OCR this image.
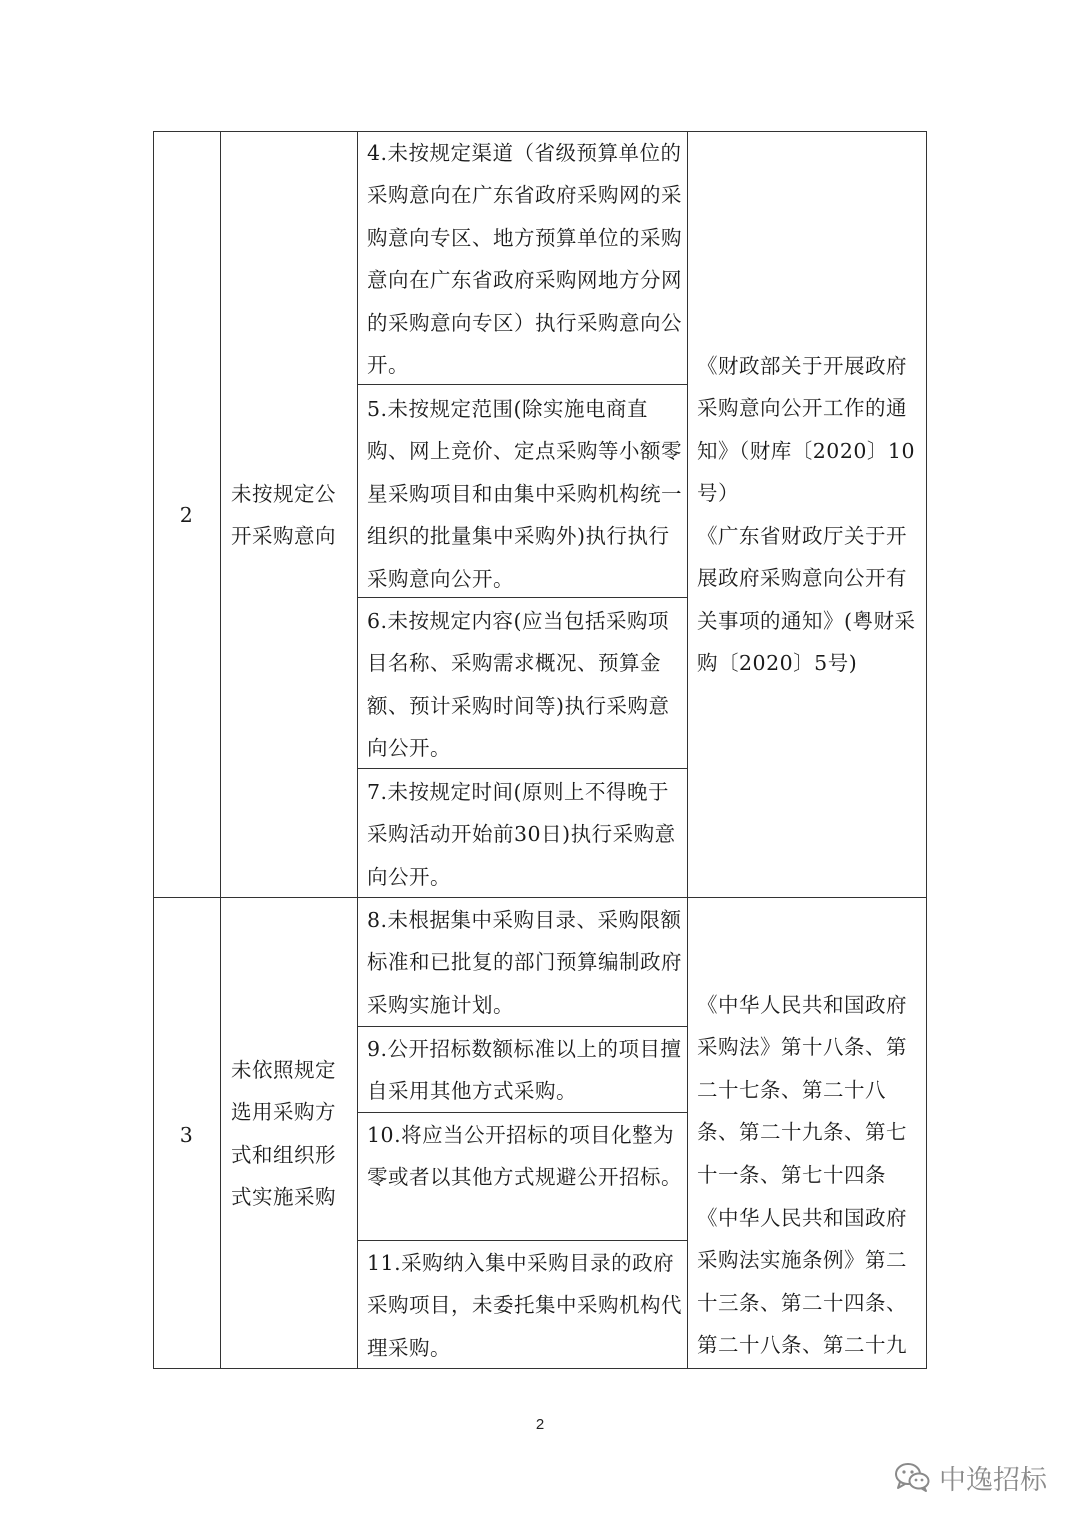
2
未按规定公开采购意向
4.未按规定渠道（省级预算单位的采购意向在广东省政府采购网的采购意向专区、地方预算单位的采购意向在广东省政府采购网地方分网的采购意向专区）执行采购意向公开。
5.未按规定范围(除实施电商直购、网上竞价、定点采购等小额零星采购项目和由集中采购机构统一组织的批量集中采购外)执行执行采购意向公开。
6.未按规定内容(应当包括采购项目名称、采购需求概况、预算金额、预计采购时间等)执行采购意向公开。
7.未按规定时间(原则上不得晚于采购活动开始前30日)执行采购意向公开。
《财政部关于开展政府采购意向公开工作的通知》（财库〔2020〕10号）
《广东省财政厅关于开展政府采购意向公开有关事项的通知》(粤财采购〔2020〕5号)
3
未依照规定选用采购方式和组织形式实施采购
8.未根据集中采购目录、采购限额标准和已批复的部门预算编制政府采购实施计划。
9.公开招标数额标准以上的项目擅自采用其他方式采购。
10.将应当公开招标的项目化整为零或者以其他方式规避公开招标。
11.采购纳入集中采购目录的政府采购项目，未委托集中采购机构代理采购。
《中华人民共和国政府采购法》第十八条、第二十七条、第二十八条、第二十九条、第七十一条、第七十四条
《中华人民共和国政府采购法实施条例》第二十三条、第二十四条、第二十八条、第二十九
2
中逸招标
